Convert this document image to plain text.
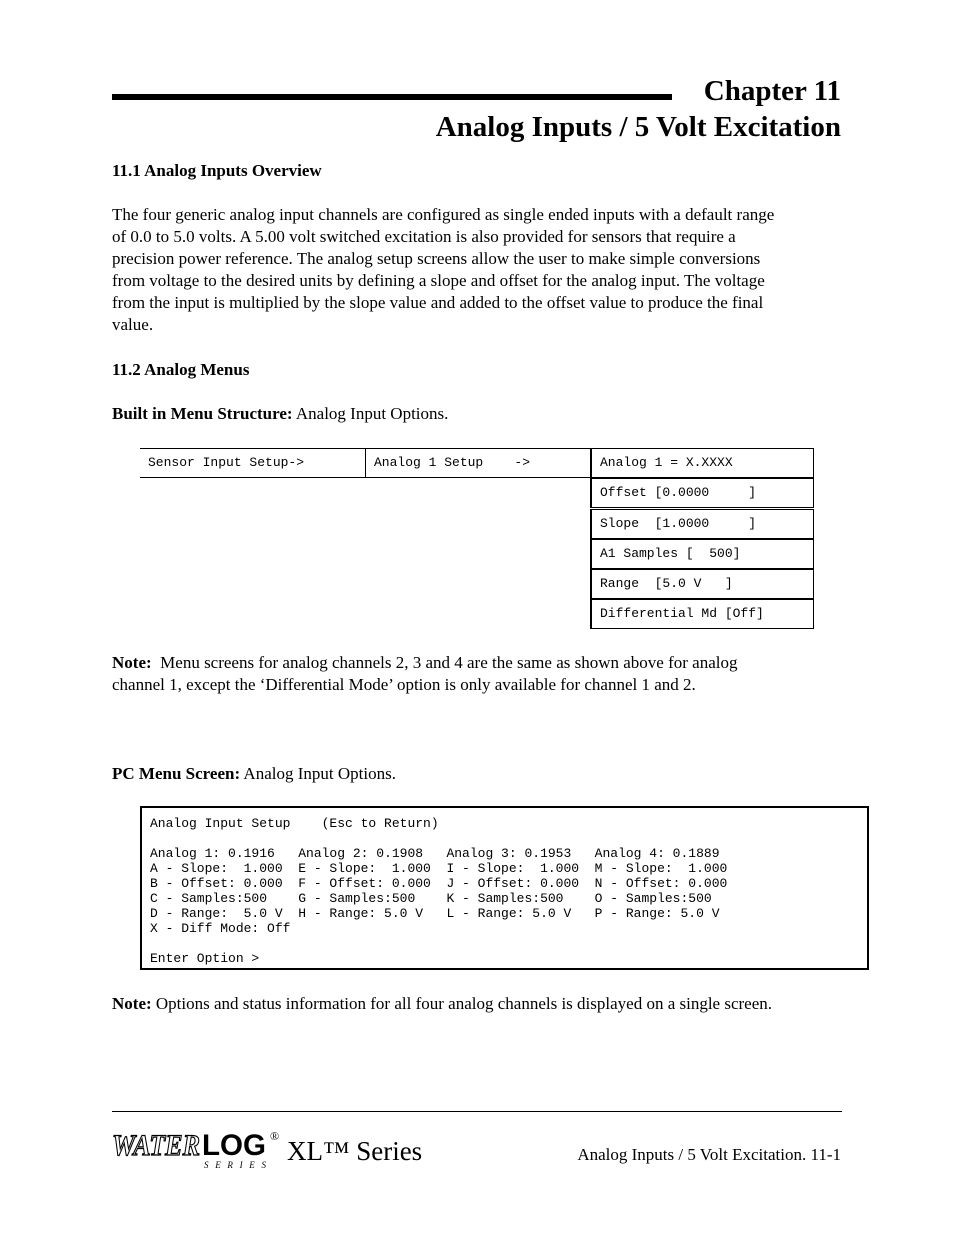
Chapter 11
Analog Inputs / 5 Volt Excitation
11.1 Analog Inputs Overview
The four generic analog input channels are configured as single ended inputs with a default range
of 0.0 to 5.0 volts. A 5.00 volt switched excitation is also provided for sensors that require a
precision power reference. The analog setup screens allow the user to make simple conversions
from voltage to the desired units by defining a slope and offset for the analog input. The voltage
from the input is multiplied by the slope value and added to the offset value to produce the final
value.
11.2 Analog Menus
Built in Menu Structure: Analog Input Options.
Sensor Input Setup->	Analog 1 Setup    ->	Analog 1 = X.XXXX
Offset [0.0000     ]
Slope  [1.0000     ]
A1 Samples [  500]
Range  [5.0 V   ]
Differential Md [Off]
Note:  Menu screens for analog channels 2, 3 and 4 are the same as shown above for analog
channel 1, except the ‘Differential Mode’ option is only available for channel 1 and 2.
PC Menu Screen: Analog Input Options.
Analog Input Setup    (Esc to Return)

Analog 1: 0.1916   Analog 2: 0.1908   Analog 3: 0.1953   Analog 4: 0.1889
A - Slope:  1.000  E - Slope:  1.000  I - Slope:  1.000  M - Slope:  1.000
B - Offset: 0.000  F - Offset: 0.000  J - Offset: 0.000  N - Offset: 0.000
C - Samples:500    G - Samples:500    K - Samples:500    O - Samples:500
D - Range:  5.0 V  H - Range: 5.0 V   L - Range: 5.0 V   P - Range: 5.0 V
X - Diff Mode: Off

Enter Option >
Note: Options and status information for all four analog channels is displayed on a single screen.
WATER LOG ®
S E R I E S XL™ Series	Analog Inputs / 5 Volt Excitation. 11-1
